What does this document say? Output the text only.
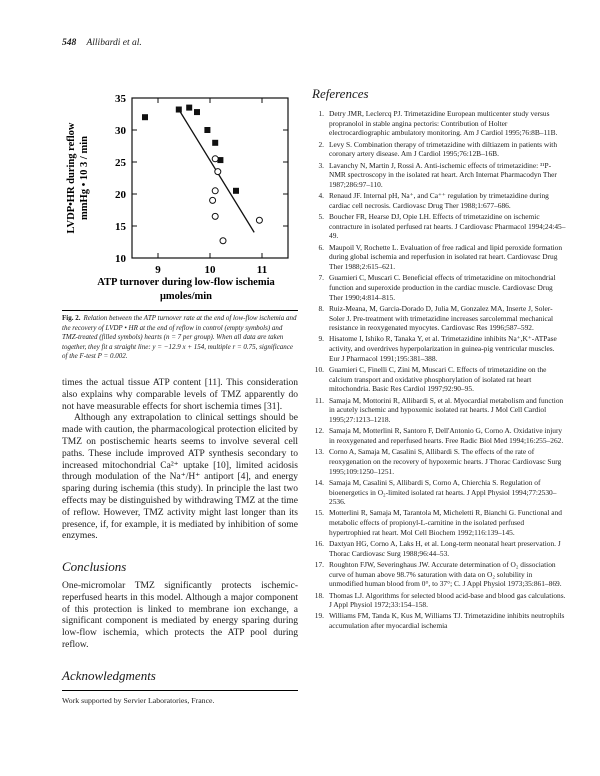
548 Allibardi et al.
10
15
20
25
30
35
9	10	11
LVDP•HR during reflow mmHg • 10 3 / min
ATP turnover during low-flow ischemia
μmoles/min
Fig. 2. Relation between the ATP turnover rate at the end of low-flow ischemia and the recovery of LVDP • HR at the end of reflow in control (empty symbols) and TMZ-treated (filled symbols) hearts (n = 7 per group). When all data are taken together, they fit a straight line: y = −12.9 x + 154, multiple r = 0.75, significance of the F-test P = 0.002.

times the actual tissue ATP content [11]. This consideration also explains why comparable levels of TMZ apparently do not have measurable effects for short ischemia times [31].

Although any extrapolation to clinical settings should be made with caution, the pharmacological protection elicited by TMZ on postischemic hearts seems to involve several cell paths. These include improved ATP synthesis secondary to increased mitochondrial Ca²⁺ uptake [10], limited acidosis through modulation of the Na⁺/H⁺ antiport [4], and energy sparing during ischemia (this study). In principle the last two effects may be distinguished by withdrawing TMZ at the time of reflow. However, TMZ activity might last longer than its presence, if, for example, it is mediated by inhibition of some enzymes.

Conclusions

One-micromolar TMZ significantly protects ischemic-reperfused hearts in this model. Although a major component of this protection is linked to membrane ion exchange, a significant component is mediated by energy sparing during low-flow ischemia, which protects the ATP pool during reflow.

Acknowledgments
Work supported by Servier Laboratories, France.
References
1. Detry JMR, Leclercq PJ. Trimetazidine European multicenter study versus propranolol in stable angina pectoris: Contribution of Holter electrocardiographic ambulatory monitoring. Am J Cardiol 1995;76:8B–11B.
2. Levy S. Combination therapy of trimetazidine with diltiazem in patients with coronary artery disease. Am J Cardiol 1995;76:12B–16B.
3. Lavanchy N, Martin J, Rossi A. Anti-ischemic effects of trimetazidine: ³¹P-NMR spectroscopy in the isolated rat heart. Arch Internat Pharmacodyn Ther 1987;286:97–110.
4. Renaud JF. Internal pH, Na⁺, and Ca⁺⁺ regulation by trimetazidine during cardiac cell necrosis. Cardiovasc Drug Ther 1988;1:677–686.
5. Boucher FR, Hearse DJ, Opie LH. Effects of trimetazidine on ischemic contracture in isolated perfused rat hearts. J Cardiovasc Pharmacol 1994;24:45–49.
6. Maupoil V, Rochette L. Evaluation of free radical and lipid peroxide formation during global ischemia and reperfusion in isolated rat heart. Cardiovasc Drug Ther 1988;2:615–621.
7. Guarnieri C, Muscari C. Beneficial effects of trimetazidine on mitochondrial function and superoxide production in the cardiac muscle. Cardiovasc Drug Ther 1990;4:814–815.
8. Ruiz-Meana, M, Garcia-Dorado D, Julia M, Gonzalez MA, Inserte J, Soler-Soler J. Pre-treatment with trimetazidine increases sarcolemmal mechanical resistance in reoxygenated myocytes. Cardiovasc Res 1996;587–592.
9. Hisatome I, Ishiko R, Tanaka Y, et al. Trimetazidine inhibits Na⁺,K⁺-ATPase activity, and overdrives hyperpolarization in guinea-pig ventricular muscles. Eur J Pharmacol 1991;195:381–388.
10. Guarnieri C, Finelli C, Zini M, Muscari C. Effects of trimetazidine on the calcium transport and oxidative phosphorylation of isolated rat heart mitochondria. Basic Res Cardiol 1997;92:90–95.
11. Samaja M, Mottorini R, Allibardi S, et al. Myocardial metabolism and function in acutely ischemic and hypoxemic isolated rat hearts. J Mol Cell Cardiol 1995;27:1213–1218.
12. Samaja M, Motterlini R, Santoro F, Dell'Antonio G, Corno A. Oxidative injury in reoxygenated and reperfused hearts. Free Radic Biol Med 1994;16:255–262.
13. Corno A, Samaja M, Casalini S, Allibardi S. The effects of the rate of reoxygenation on the recovery of hypoxemic hearts. J Thorac Cardiovasc Surg 1995;109:1250–1251.
14. Samaja M, Casalini S, Allibardi S, Corno A, Chierchia S. Regulation of bioenergetics in O₂-limited isolated rat hearts. J Appl Physiol 1994;77:2530–2536.
15. Motterlini R, Samaja M, Tarantola M, Micheletti R, Bianchi G. Functional and metabolic effects of propionyl-L-carnitine in the isolated perfused hypertrophied rat heart. Mol Cell Biochem 1992;116:139–145.
16. Daxtyan HG, Corno A, Laks H, et al. Long-term neonatal heart preservation. J Thorac Cardiovasc Surg 1988;96:44–53.
17. Roughton FJW, Severinghaus JW. Accurate determination of O₂ dissociation curve of human above 98.7% saturation with data on O₂ solubility in unmodified human blood from 0°, to 37°; C. J Appl Physiol 1973;35:861–869.
18. Thomas LJ. Algorithms for selected blood acid-base and blood gas calculations. J Appl Physiol 1972;33:154–158.
19. Williams FM, Tanda K, Kus M, Williams TJ. Trimetazidine inhibits neutrophils accumulation after myocardial ischemia
